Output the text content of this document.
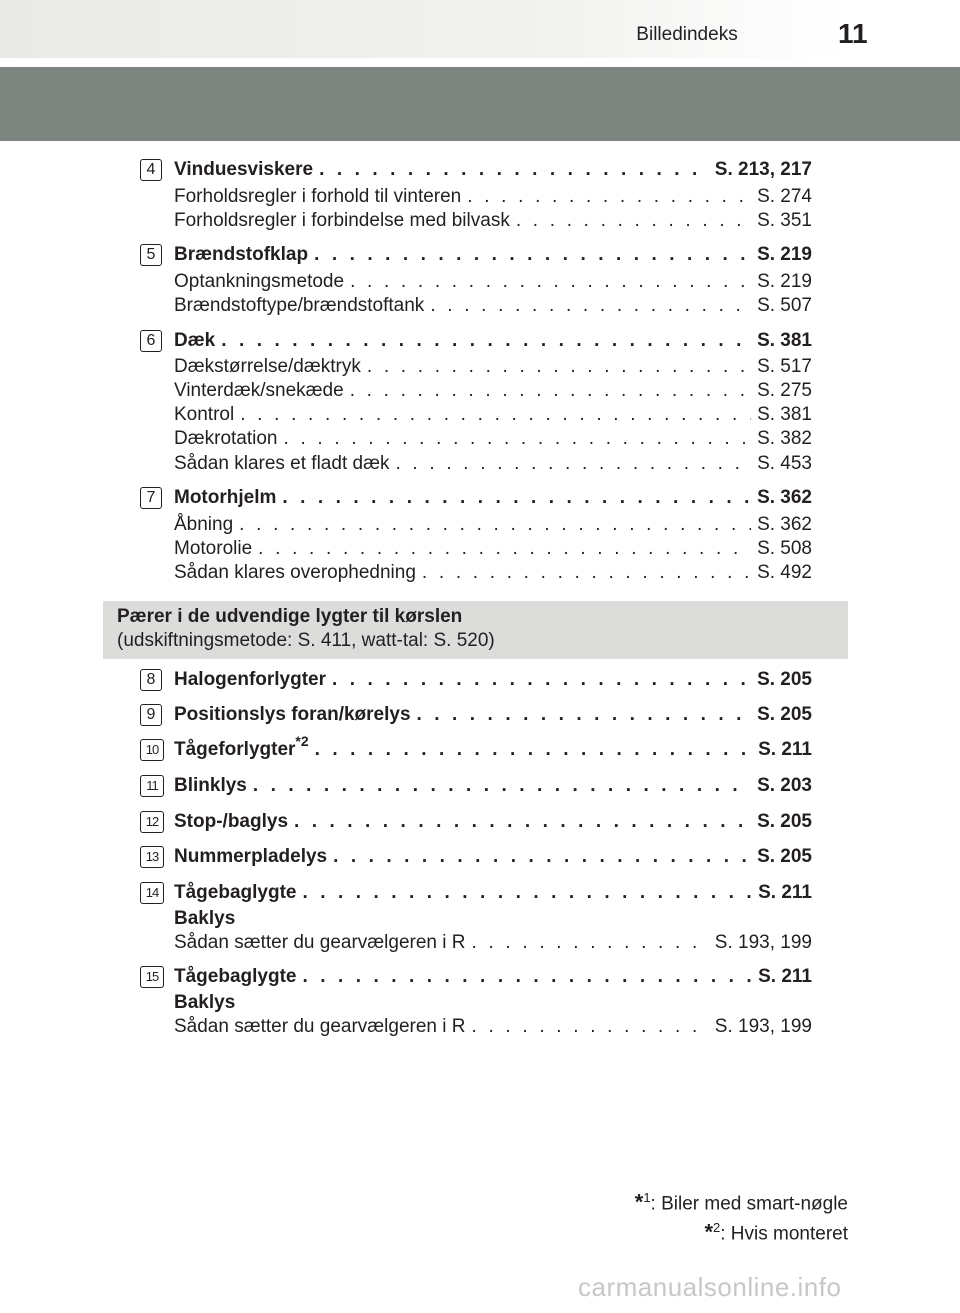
Billedindeks	11
4 Vinduesviskere . . .	S. 213, 217
Forholdsregler i forhold til vinteren . . .	S. 274
Forholdsregler i forbindelse med bilvask . . .	S. 351
5 Brændstofklap . . .	S. 219
Optankningsmetode . . .	S. 219
Brændstoftype/brændstoftank . . .	S. 507
6 Dæk . . .	S. 381
Dækstørrelse/dæktryk . . .	S. 517
Vinterdæk/snekæde . . .	S. 275
Kontrol . . .	S. 381
Dækrotation . . .	S. 382
Sådan klares et fladt dæk . . .	S. 453
7 Motorhjelm . . .	S. 362
Åbning . . .	S. 362
Motorolie . . .	S. 508
Sådan klares overophedning . . .	S. 492
Pærer i de udvendige lygter til kørslen
(udskiftningsmetode: S. 411, watt-tal: S. 520)
8 Halogenforlygter . . .	S. 205
9 Positionslys foran/kørelys . . .	S. 205
10 Tågeforlygter$^{*2}$ . . .	S. 211
11 Blinklys . . .	S. 203
12 Stop-/baglys . . .	S. 205
13 Nummerpladelys . . .	S. 205
14 Tågebaglygte . . .	S. 211
Baklys
Sådan sætter du gearvælgeren i R . . .	S. 193, 199
15 Tågebaglygte . . .	S. 211
Baklys
Sådan sætter du gearvælgeren i R . . .	S. 193, 199
*$^1$: Biler med smart-nøgle
*$^2$: Hvis monteret
carmanualsonline.info
